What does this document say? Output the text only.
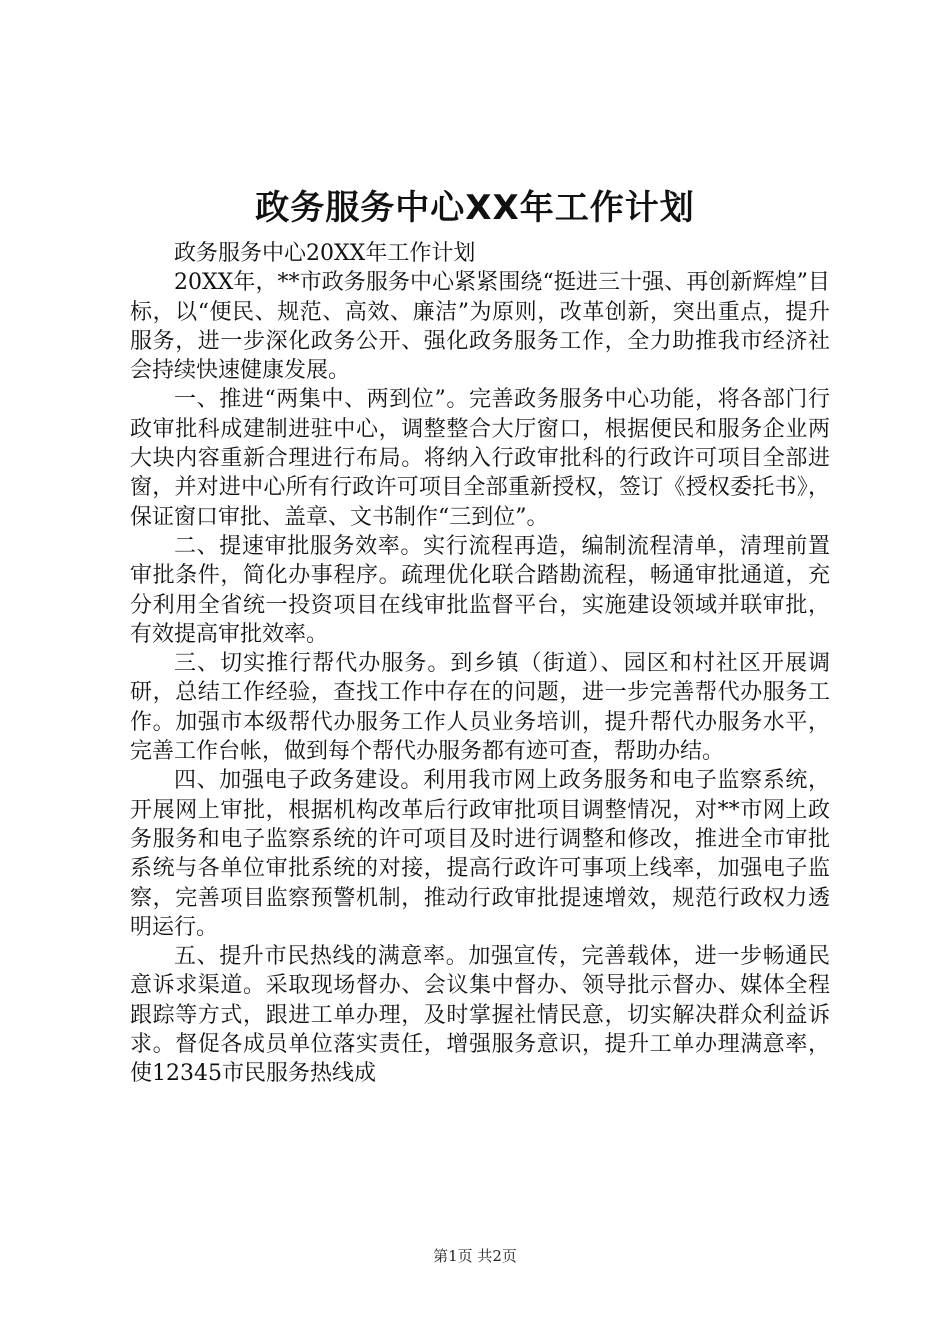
政务服务中心XX年工作计划

政务服务中心20XX年工作计划

20XX年，**市政务服务中心紧紧围绕“挺进三十强、再创新辉煌”目标，以“便民、规范、高效、廉洁”为原则，改革创新，突出重点，提升服务，进一步深化政务公开、强化政务服务工作，全力助推我市经济社会持续快速健康发展。

一、推进“两集中、两到位”。完善政务服务中心功能，将各部门行政审批科成建制进驻中心，调整整合大厅窗口，根据便民和服务企业两大块内容重新合理进行布局。将纳入行政审批科的行政许可项目全部进窗，并对进中心所有行政许可项目全部重新授权，签订《授权委托书》，保证窗口审批、盖章、文书制作“三到位”。

二、提速审批服务效率。实行流程再造，编制流程清单，清理前置审批条件，简化办事程序。疏理优化联合踏勘流程，畅通审批通道，充分利用全省统一投资项目在线审批监督平台，实施建设领域并联审批，有效提高审批效率。

三、切实推行帮代办服务。到乡镇（街道）、园区和村社区开展调研，总结工作经验，查找工作中存在的问题，进一步完善帮代办服务工作。加强市本级帮代办服务工作人员业务培训，提升帮代办服务水平，完善工作台帐，做到每个帮代办服务都有迹可查，帮助办结。

四、加强电子政务建设。利用我市网上政务服务和电子监察系统，开展网上审批，根据机构改革后行政审批项目调整情况，对**市网上政务服务和电子监察系统的许可项目及时进行调整和修改，推进全市审批系统与各单位审批系统的对接，提高行政许可事项上线率，加强电子监察，完善项目监察预警机制，推动行政审批提速增效，规范行政权力透明运行。

五、提升市民热线的满意率。加强宣传，完善载体，进一步畅通民意诉求渠道。采取现场督办、会议集中督办、领导批示督办、媒体全程跟踪等方式，跟进工单办理，及时掌握社情民意，切实解决群众利益诉求。督促各成员单位落实责任，增强服务意识，提升工单办理满意率，使12345市民服务热线成

第1页 共2页
